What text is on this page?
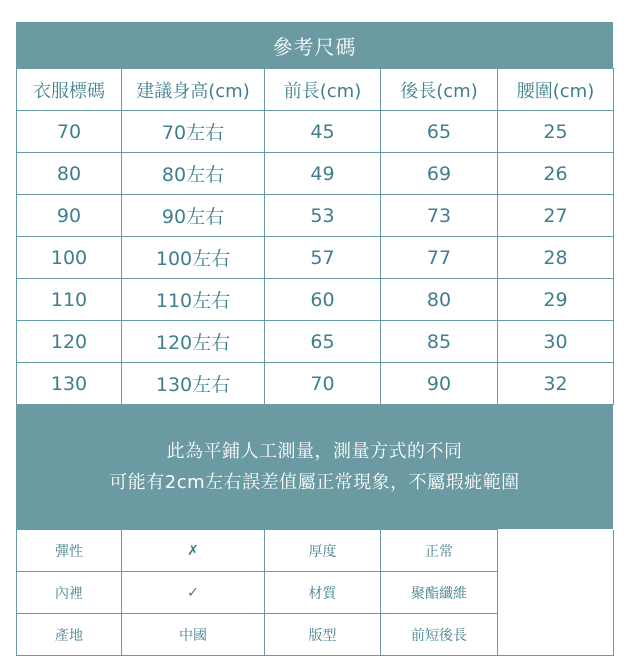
參考尺碼
衣服標碼	建議身高(cm)	前長(cm)	後長(cm)	腰圍(cm)
70	70左右	45	65	25
80	80左右	49	69	26
90	90左右	53	73	27
100	100左右	57	77	28
110	110左右	60	80	29
120	120左右	65	85	30
130	130左右	70	90	32
此為平鋪人工測量，測量方式的不同
可能有2cm左右誤差值屬正常現象，不屬瑕疵範圍
彈性	✗	厚度	正常	
內裡	✓	材質	聚酯纖維	
產地	中國	版型	前短後長	
